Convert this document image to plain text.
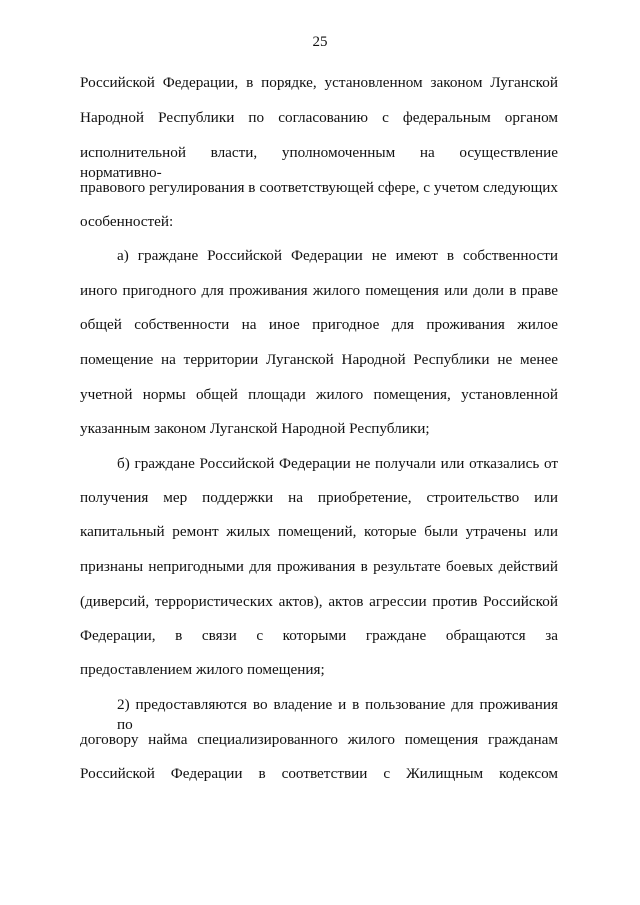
25
Российской Федерации, в порядке, установленном законом Луганской
Народной Республики по согласованию с федеральным органом
исполнительной власти, уполномоченным на осуществление нормативно-
правового регулирования в соответствующей сфере, с учетом следующих
особенностей:
а) граждане Российской Федерации не имеют в собственности
иного пригодного для проживания жилого помещения или доли в праве
общей собственности на иное пригодное для проживания жилое
помещение на территории Луганской Народной Республики не менее
учетной нормы общей площади жилого помещения, установленной
указанным законом Луганской Народной Республики;
б) граждане Российской Федерации не получали или отказались от
получения мер поддержки на приобретение, строительство или
капитальный ремонт жилых помещений, которые были утрачены или
признаны непригодными для проживания в результате боевых действий
(диверсий, террористических актов), актов агрессии против Российской
Федерации, в связи с которыми граждане обращаются за
предоставлением жилого помещения;
2) предоставляются во владение и в пользование для проживания по
договору найма специализированного жилого помещения гражданам
Российской Федерации в соответствии с Жилищным кодексом
